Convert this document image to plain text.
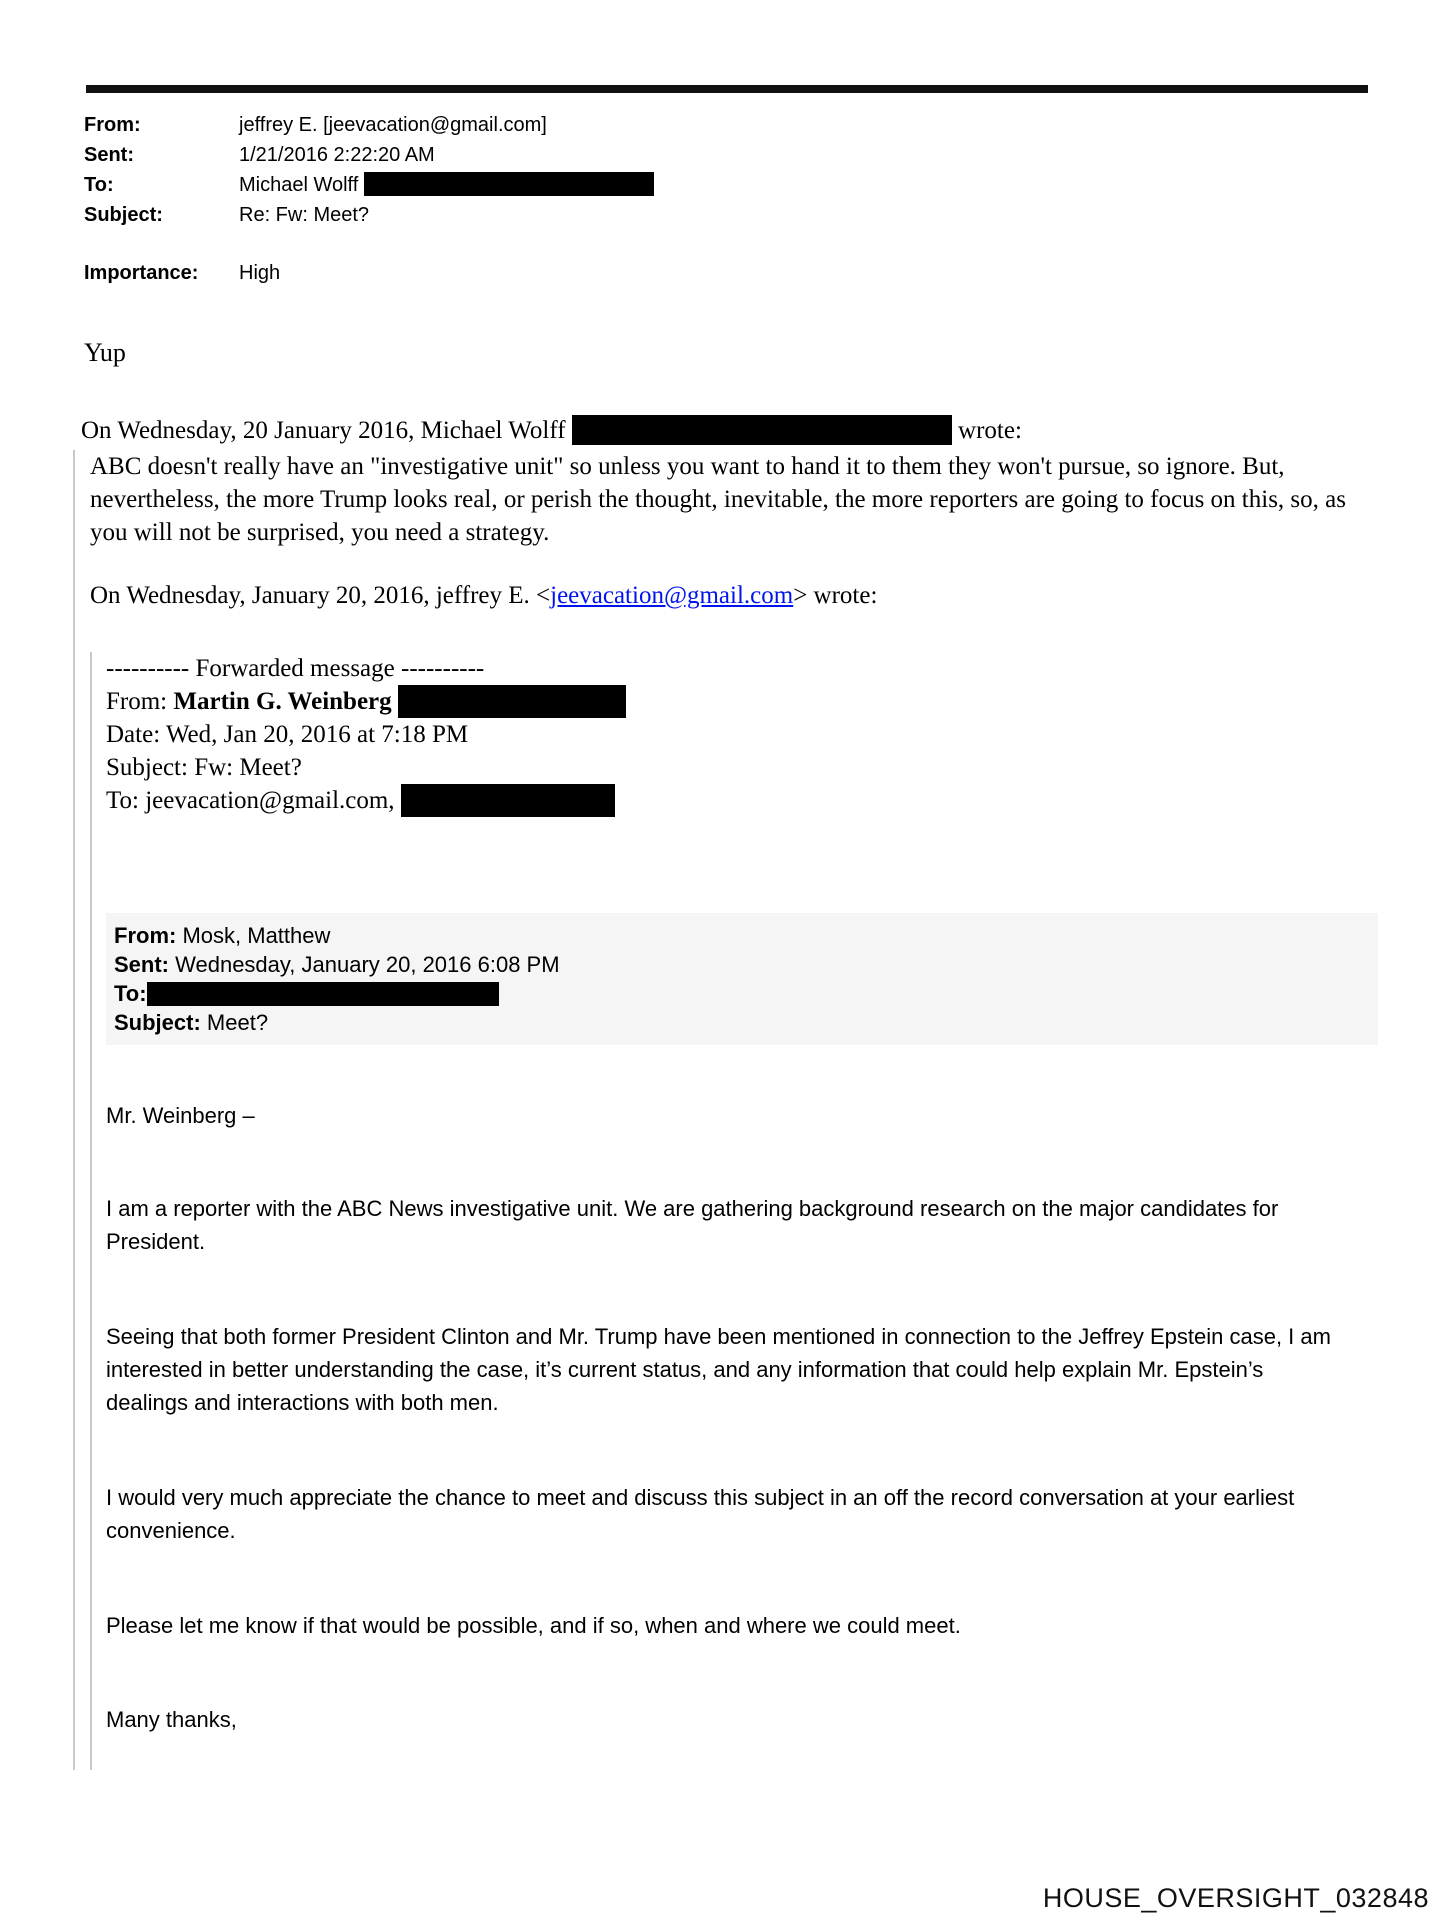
From:	jeffrey E. [jeevacation@gmail.com]
Sent:	1/21/2016 2:22:20 AM
To:	Michael Wolff
Subject:	Re: Fw: Meet?
Importance:	High
Yup
On Wednesday, 20 January 2016, Michael Wolff	wrote:
ABC doesn't really have an "investigative unit" so unless you want to hand it to them they won't pursue, so ignore. But, nevertheless, the more Trump looks real, or perish the thought, inevitable, the more reporters are going to focus on this, so, as you will not be surprised, you need a strategy.
On Wednesday, January 20, 2016, jeffrey E. <jeevacation@gmail.com> wrote:
---------- Forwarded message ----------
From: Martin G. Weinberg
Date: Wed, Jan 20, 2016 at 7:18 PM
Subject: Fw: Meet?
To: jeevacation@gmail.com,
From: Mosk, Matthew
Sent: Wednesday, January 20, 2016 6:08 PM
To:
Subject: Meet?
Mr. Weinberg –
I am a reporter with the ABC News investigative unit. We are gathering background research on the major candidates for President.
Seeing that both former President Clinton and Mr. Trump have been mentioned in connection to the Jeffrey Epstein case, I am interested in better understanding the case, it’s current status, and any information that could help explain Mr. Epstein’s dealings and interactions with both men.
I would very much appreciate the chance to meet and discuss this subject in an off the record conversation at your earliest convenience.
Please let me know if that would be possible, and if so, when and where we could meet.
Many thanks,
HOUSE_OVERSIGHT_032848
